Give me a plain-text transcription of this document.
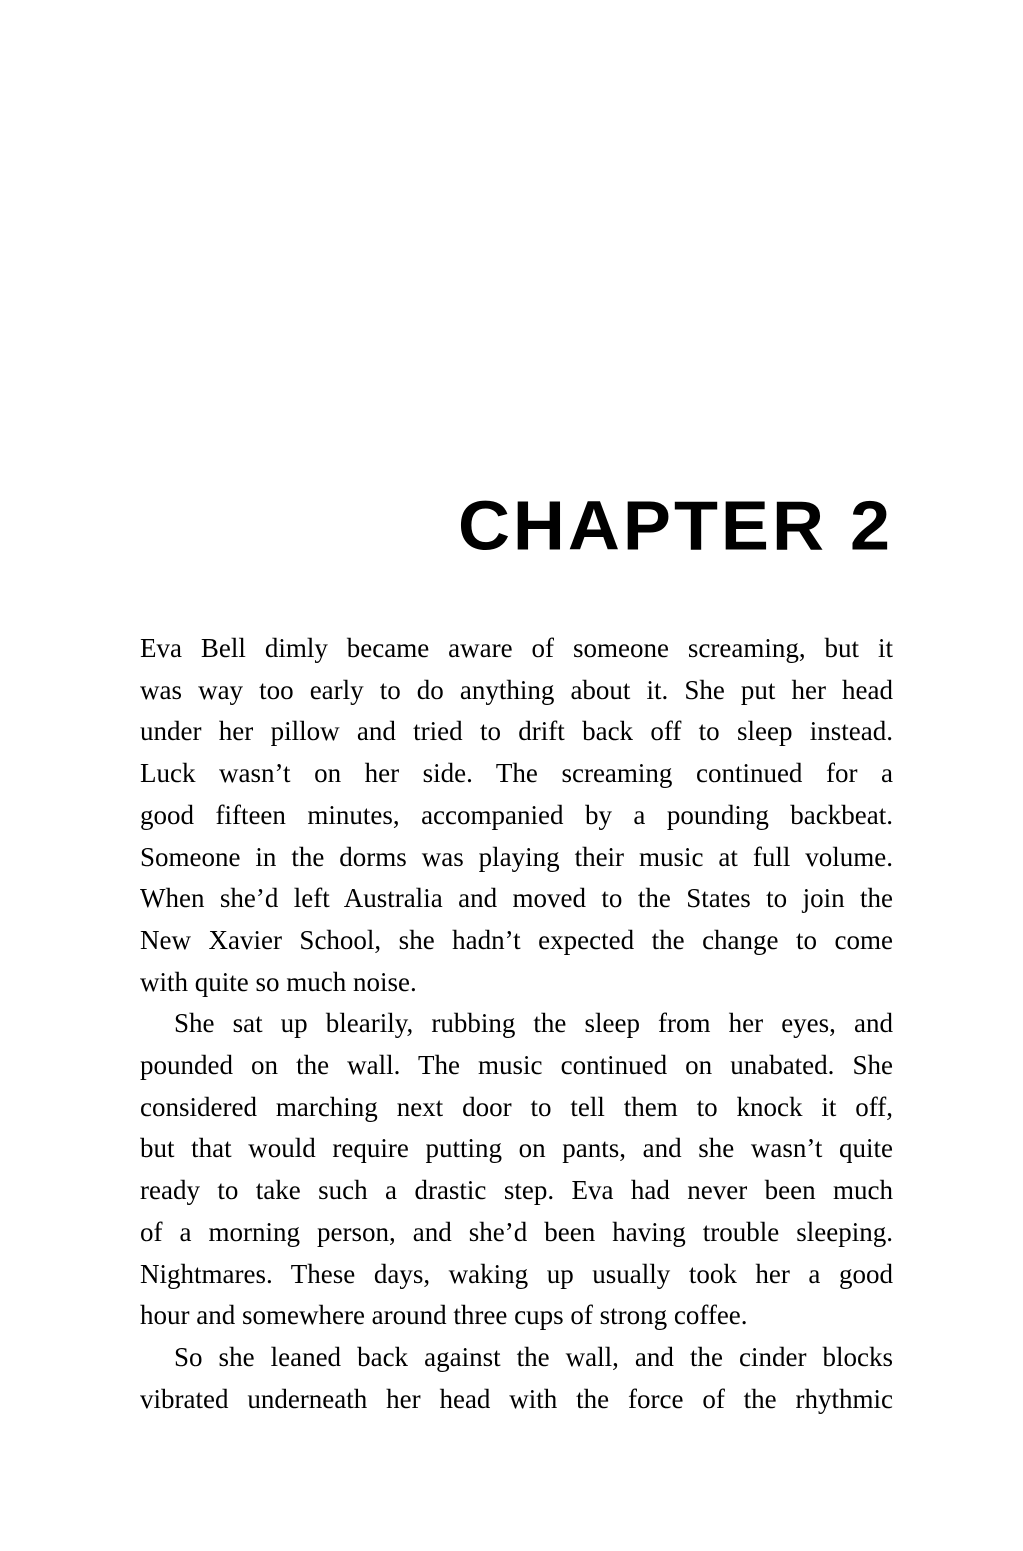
CHAPTER 2
Eva Bell dimly became aware of someone screaming, but it
was way too early to do anything about it. She put her head
under her pillow and tried to drift back off to sleep instead.
Luck wasn’t on her side. The screaming continued for a
good fifteen minutes, accompanied by a pounding backbeat.
Someone in the dorms was playing their music at full volume.
When she’d left Australia and moved to the States to join the
New Xavier School, she hadn’t expected the change to come
with quite so much noise.
She sat up blearily, rubbing the sleep from her eyes, and
pounded on the wall. The music continued on unabated. She
considered marching next door to tell them to knock it off,
but that would require putting on pants, and she wasn’t quite
ready to take such a drastic step. Eva had never been much
of a morning person, and she’d been having trouble sleeping.
Nightmares. These days, waking up usually took her a good
hour and somewhere around three cups of strong coffee.
So she leaned back against the wall, and the cinder blocks
vibrated underneath her head with the force of the rhythmic
